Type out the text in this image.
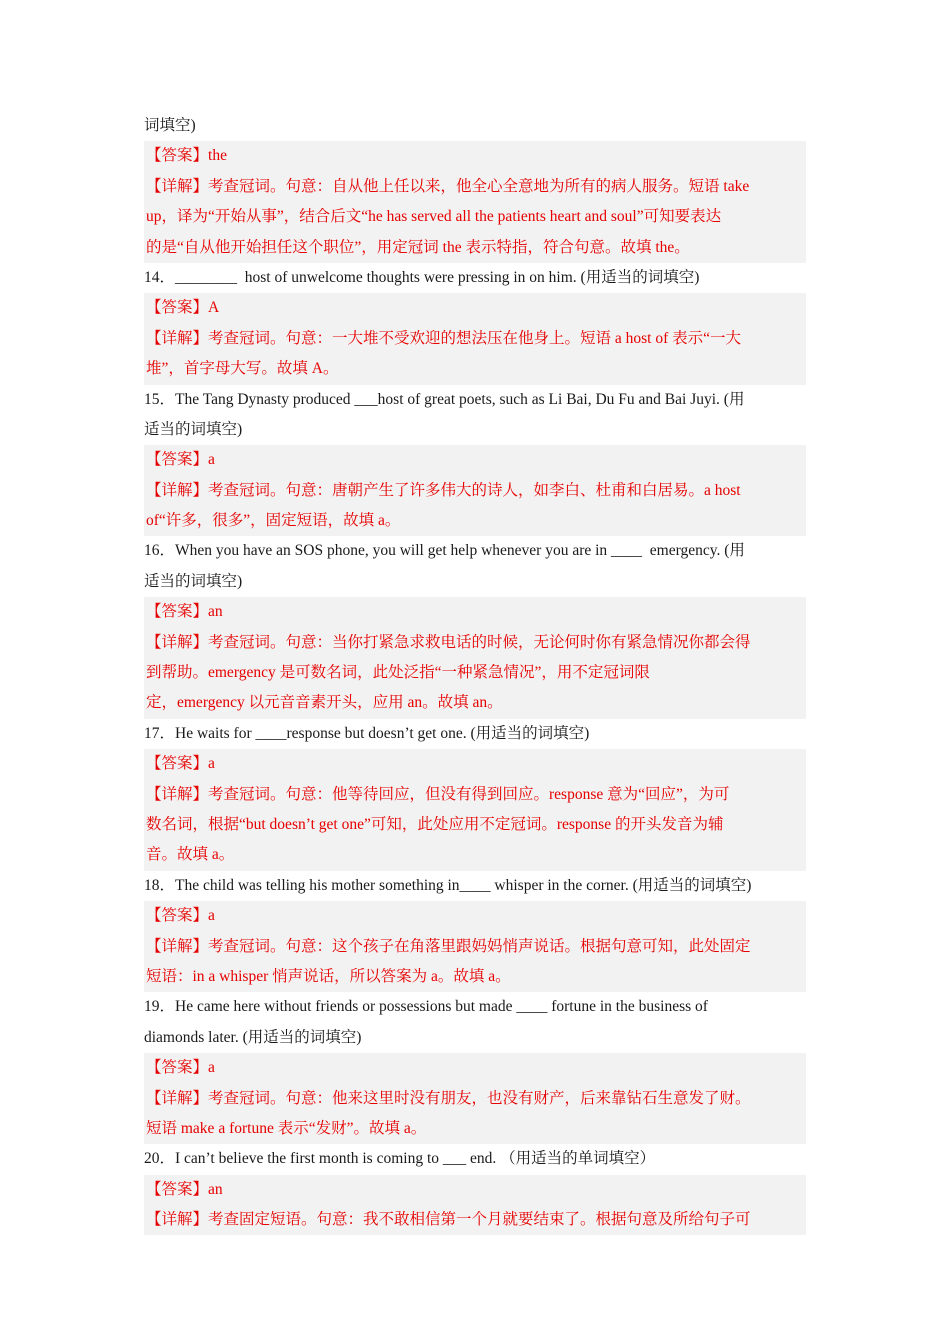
词填空)
【答案】the
【详解】考查冠词。句意：自从他上任以来，他全心全意地为所有的病人服务。短语 take
up，译为“开始从事”，结合后文“he has served all the patients heart and soul”可知要表达
的是“自从他开始担任这个职位”，用定冠词 the 表示特指，符合句意。故填 the。
14．________  host of unwelcome thoughts were pressing in on him. (用适当的词填空)
【答案】A
【详解】考查冠词。句意：一大堆不受欢迎的想法压在他身上。短语 a host of 表示“一大
堆”，首字母大写。故填 A。
15．The Tang Dynasty produced ___host of great poets, such as Li Bai, Du Fu and Bai Juyi. (用
适当的词填空)
【答案】a
【详解】考查冠词。句意：唐朝产生了许多伟大的诗人，如李白、杜甫和白居易。a host
of“许多，很多”，固定短语，故填 a。
16．When you have an SOS phone, you will get help whenever you are in ____  emergency. (用
适当的词填空)
【答案】an
【详解】考查冠词。句意：当你打紧急求救电话的时候，无论何时你有紧急情况你都会得
到帮助。emergency 是可数名词，此处泛指“一种紧急情况”，用不定冠词限
定，emergency 以元音音素开头，应用 an。故填 an。
17．He waits for ____response but doesn’t get one. (用适当的词填空)
【答案】a
【详解】考查冠词。句意：他等待回应，但没有得到回应。response 意为“回应”，为可
数名词，根据“but doesn’t get one”可知，此处应用不定冠词。response 的开头发音为辅
音。故填 a。
18．The child was telling his mother something in____ whisper in the corner. (用适当的词填空)
【答案】a
【详解】考查冠词。句意：这个孩子在角落里跟妈妈悄声说话。根据句意可知，此处固定
短语：in a whisper 悄声说话，所以答案为 a。故填 a。
19．He came here without friends or possessions but made ____ fortune in the business of
diamonds later. (用适当的词填空)
【答案】a
【详解】考查冠词。句意：他来这里时没有朋友，也没有财产，后来靠钻石生意发了财。
短语 make a fortune 表示“发财”。故填 a。
20．I can’t believe the first month is coming to ___ end. （用适当的单词填空）
【答案】an
【详解】考查固定短语。句意：我不敢相信第一个月就要结束了。根据句意及所给句子可
